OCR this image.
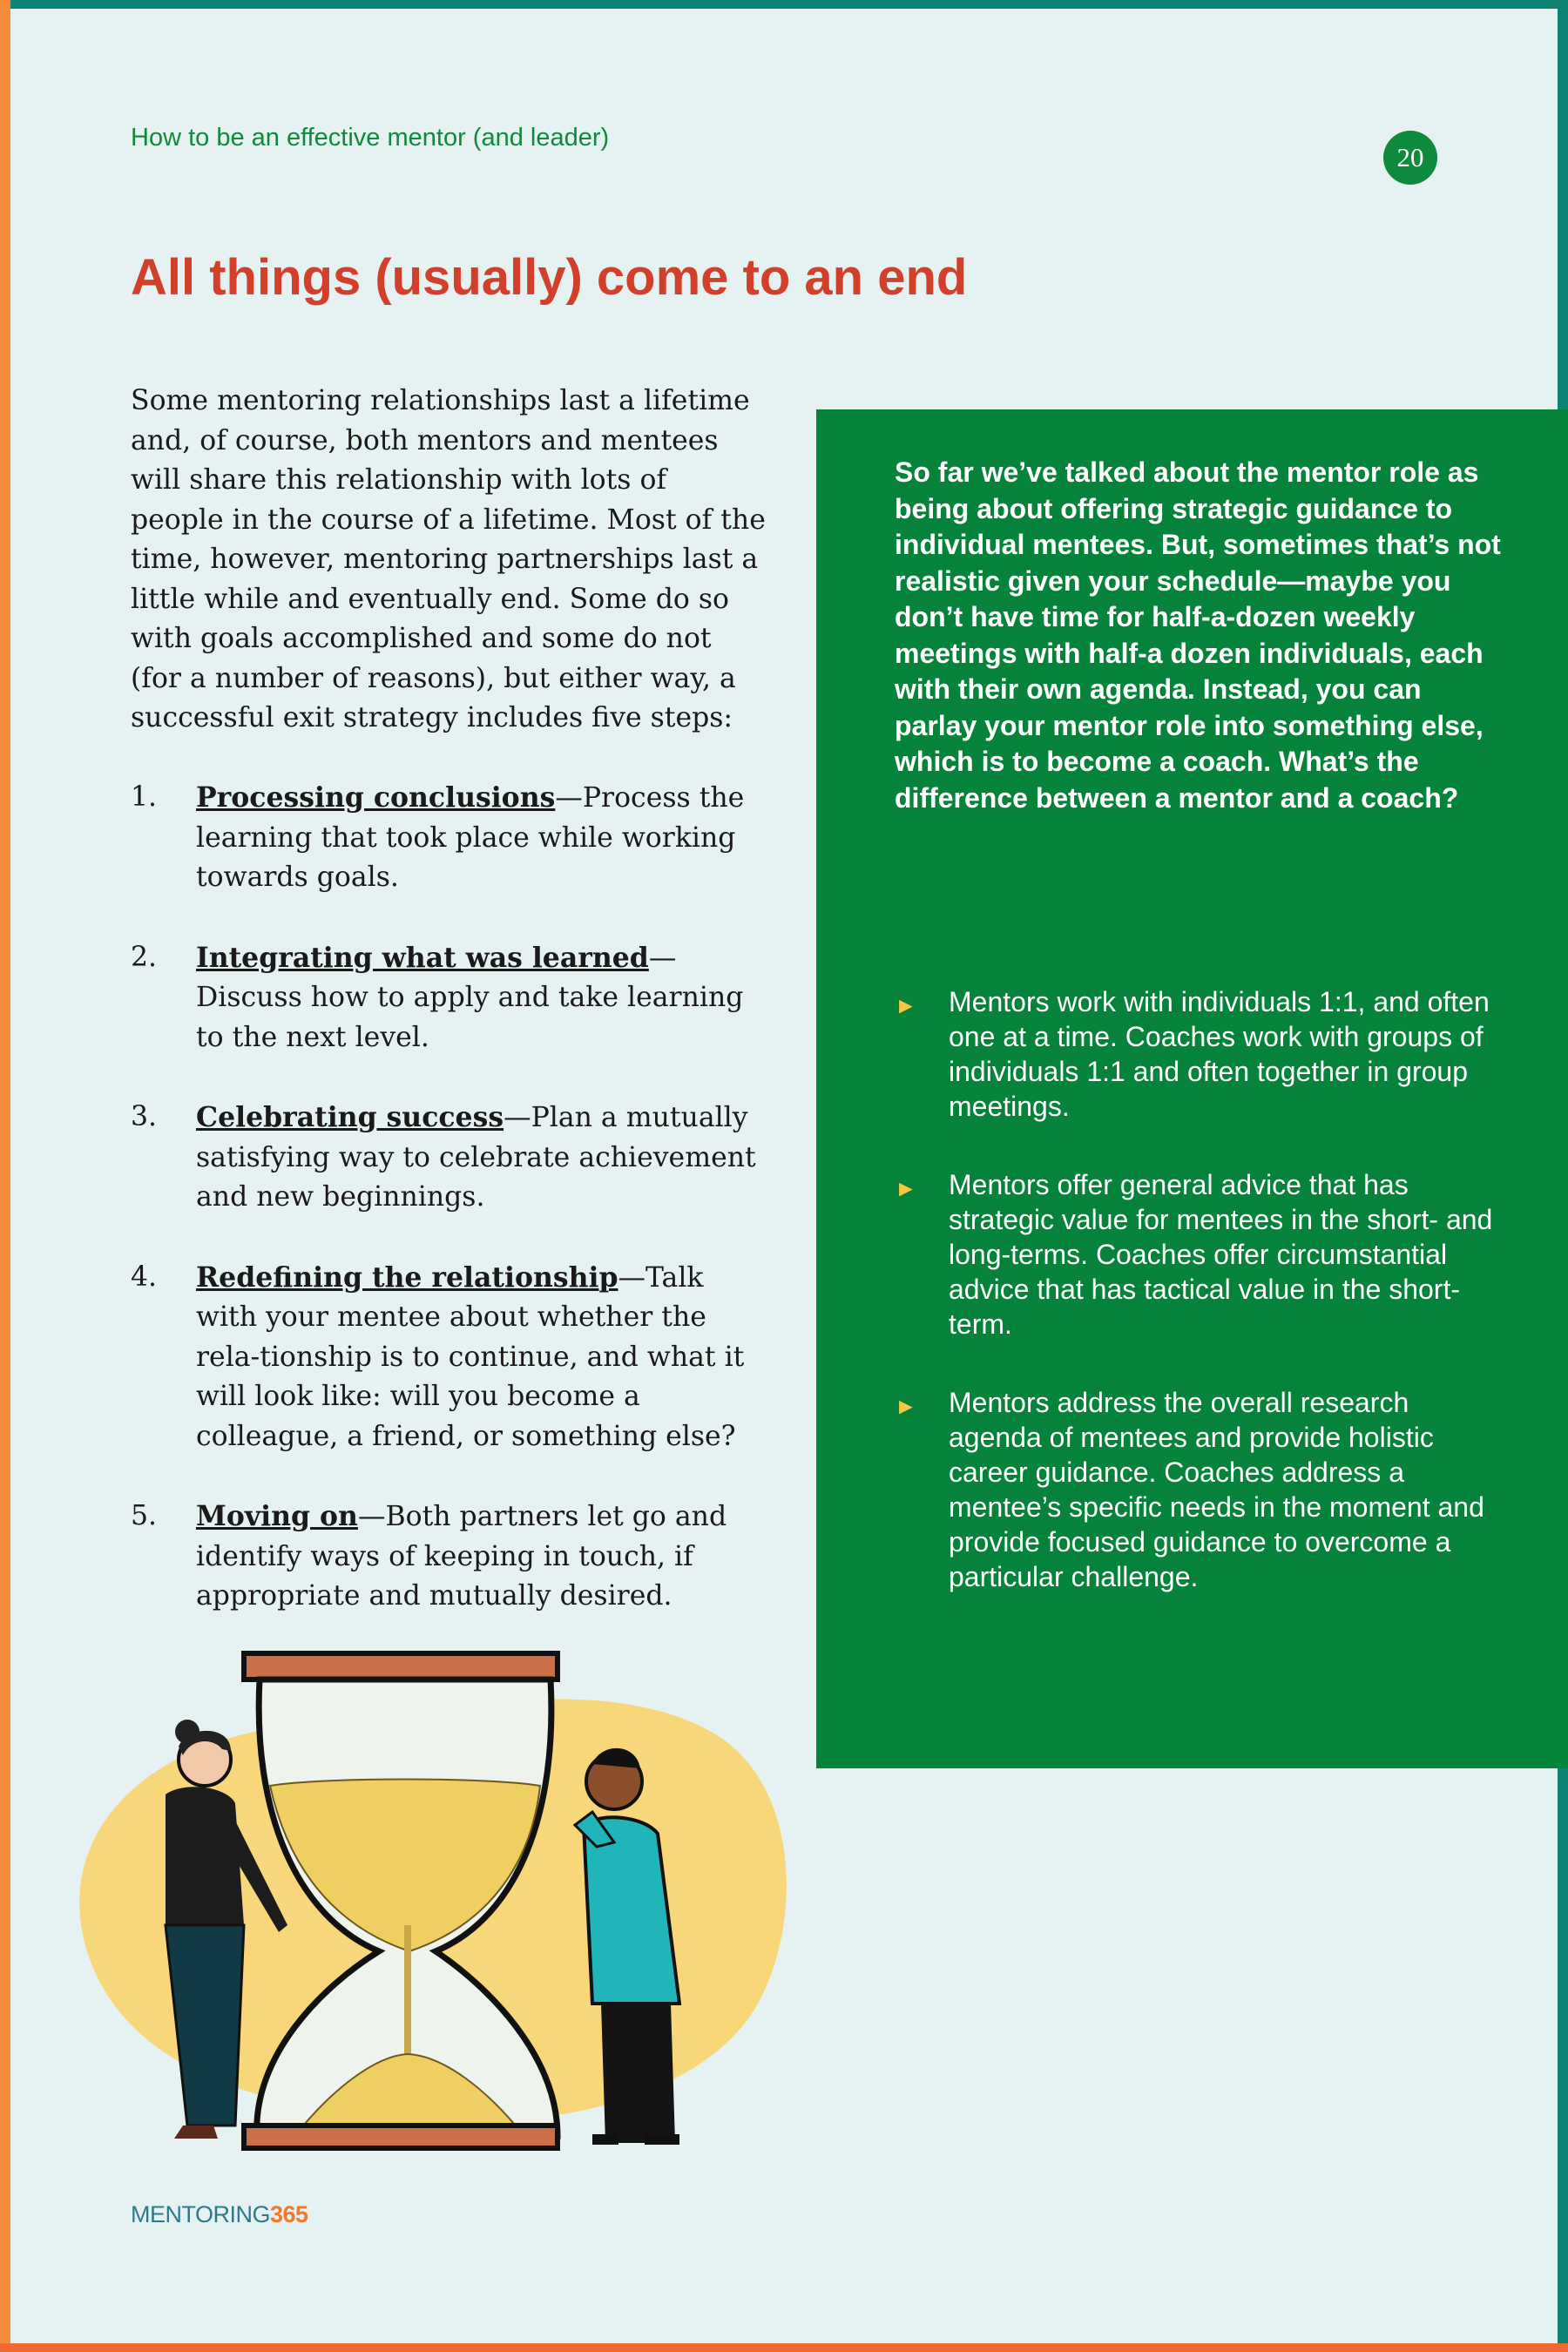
How to be an effective mentor (and leader)
20
All things (usually) come to an end

Some mentoring relationships last a lifetime and, of course, both mentors and mentees will share this relationship with lots of people in the course of a lifetime. Most of the time, however, mentoring partnerships last a little while and eventually end. Some do so with goals accomplished and some do not (for a number of reasons), but either way, a successful exit strategy includes five steps:

1. Processing conclusions—Process the learning that took place while working towards goals.
2. Integrating what was learned—Discuss how to apply and take learning to the next level.
3. Celebrating success—Plan a mutually satisfying way to celebrate achievement and new beginnings.
4. Redefining the relationship—Talk with your mentee about whether the rela-tionship is to continue, and what it will look like: will you become a colleague, a friend, or something else?
5. Moving on—Both partners let go and identify ways of keeping in touch, if appropriate and mutually desired.

So far we’ve talked about the mentor role as being about offering strategic guidance to individual mentees. But, sometimes that’s not realistic given your schedule—maybe you don’t have time for half-a-dozen weekly meetings with half-a dozen individuals, each with their own agenda. Instead, you can parlay your mentor role into something else, which is to become a coach. What’s the difference between a mentor and a coach?

► Mentors work with individuals 1:1, and often one at a time. Coaches work with groups of individuals 1:1 and often together in group meetings.
► Mentors offer general advice that has strategic value for mentees in the short- and long-terms. Coaches offer circumstantial advice that has tactical value in the short-term.
► Mentors address the overall research agenda of mentees and provide holistic career guidance. Coaches address a mentee’s specific needs in the moment and provide focused guidance to overcome a particular challenge.
MENTORING365
